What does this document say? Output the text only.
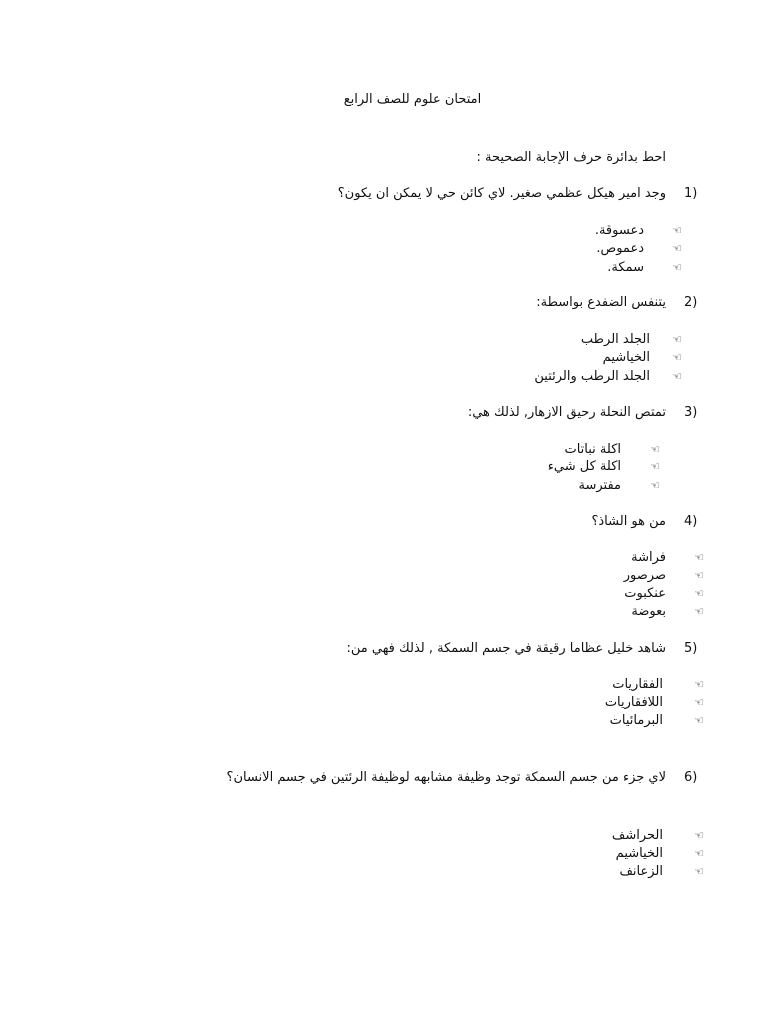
امتحان علوم للصف الرابع
احط بدائرة حرف الإجابة الصحيحة :
1)
وجد امير هيكل عظمي صغير. لاي كائن حي لا يمكن ان يكون؟
☜
دعسوقة.
☜
دعموص.
☜
سمكة.
2)
يتنفس الضفدع بواسطة:
☜
الجلد الرطب
☜
الخياشيم
☜
الجلد الرطب والرئتين
3)
تمتص النحلة رحيق الازهار, لذلك هي:
☜
اكلة نباتات
☜
اكلة كل شيء
☜
مفترسة
4)
من هو الشاذ؟
☜
فراشة
☜
صرصور
☜
عنكبوت
☜
بعوضة
5)
شاهد خليل عظاما رقيقة في جسم السمكة , لذلك فهي من:
☜
الفقاريات
☜
اللافقاريات
☜
البرمائيات
6)
لاي جزء من جسم السمكة توجد وظيفة مشابهه لوظيفة الرئتين في جسم الانسان؟
☜
الحراشف
☜
الخياشيم
☜
الزعانف
